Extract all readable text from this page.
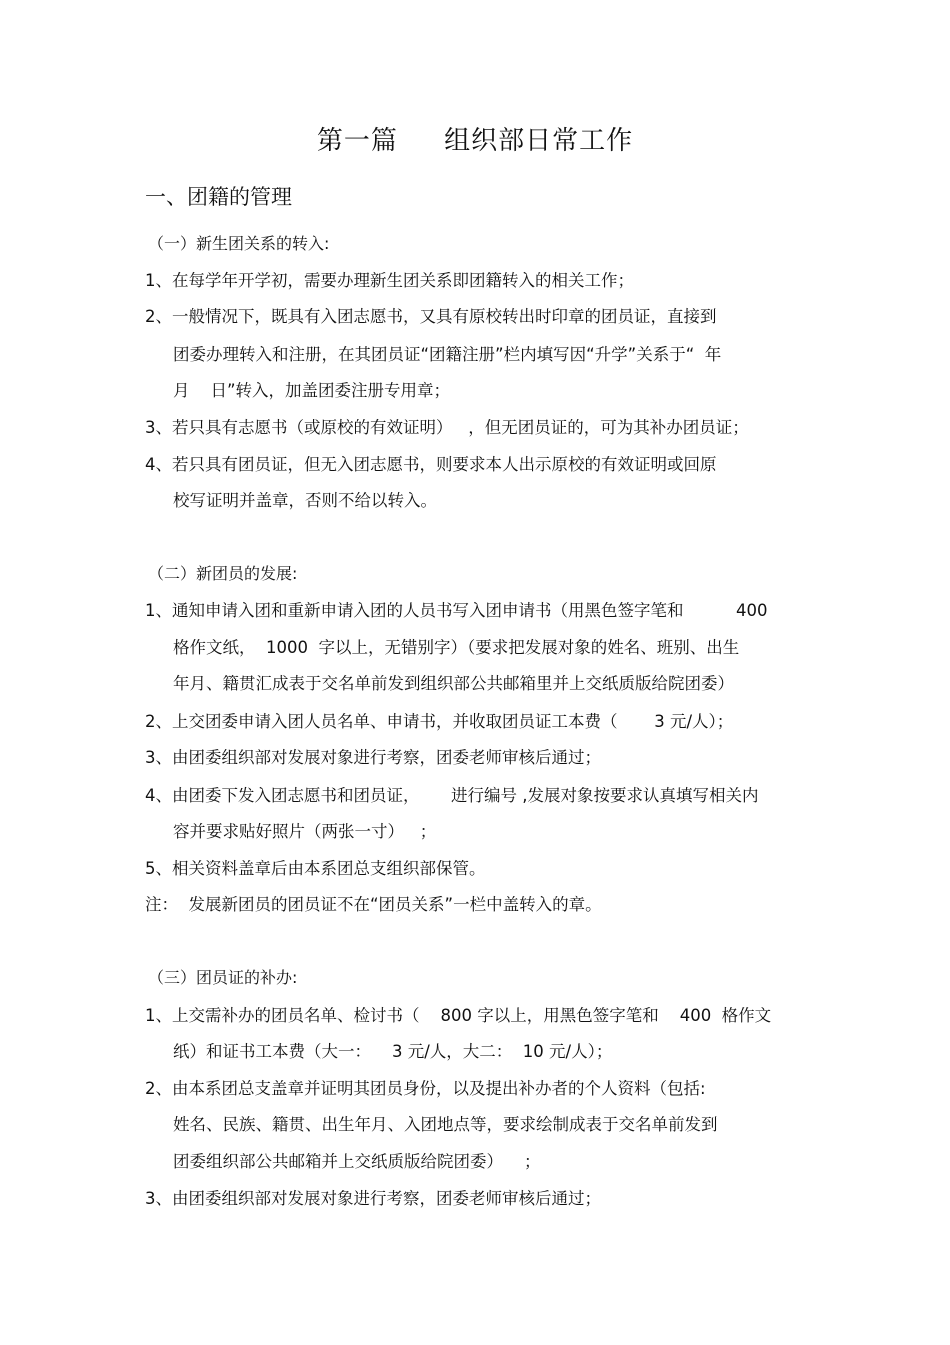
第一篇     组织部日常工作
一、团籍的管理
（一）新生团关系的转入:
1、在每学年开学初，需要办理新生团关系即团籍转入的相关工作；
2、一般情况下，既具有入团志愿书，又具有原校转出时印章的团员证，直接到
团委办理转入和注册，在其团员证“团籍注册”栏内填写因“升学”关系于“  年
月    日”转入，加盖团委注册专用章；
3、若只具有志愿书（或原校的有效证明）   ，但无团员证的，可为其补办团员证；
4、若只具有团员证，但无入团志愿书，则要求本人出示原校的有效证明或回原
校写证明并盖章，否则不给以转入。
（二）新团员的发展:
1、通知申请入团和重新申请入团的人员书写入团申请书（用黑色签字笔和          400
格作文纸，  1000  字以上，无错别字）（要求把发展对象的姓名、班别、出生
年月、籍贯汇成表于交名单前发到组织部公共邮箱里并上交纸质版给院团委）
2、上交团委申请入团人员名单、申请书，并收取团员证工本费（       3 元/人）；
3、由团委组织部对发展对象进行考察，团委老师审核后通过；
4、由团委下发入团志愿书和团员证，      进行编号 ,发展对象按要求认真填写相关内
容并要求贴好照片（两张一寸）   ；
5、相关资料盖章后由本系团总支组织部保管。
注：  发展新团员的团员证不在“团员关系”一栏中盖转入的章。
（三）团员证的补办:
1、上交需补办的团员名单、检讨书（    800 字以上，用黑色签字笔和    400  格作文
纸）和证书工本费（大一：    3 元/人，大二：  10 元/人）；
2、由本系团总支盖章并证明其团员身份，以及提出补办者的个人资料（包括:
姓名、民族、籍贯、出生年月、入团地点等，要求绘制成表于交名单前发到
团委组织部公共邮箱并上交纸质版给院团委）    ；
3、由团委组织部对发展对象进行考察，团委老师审核后通过；
